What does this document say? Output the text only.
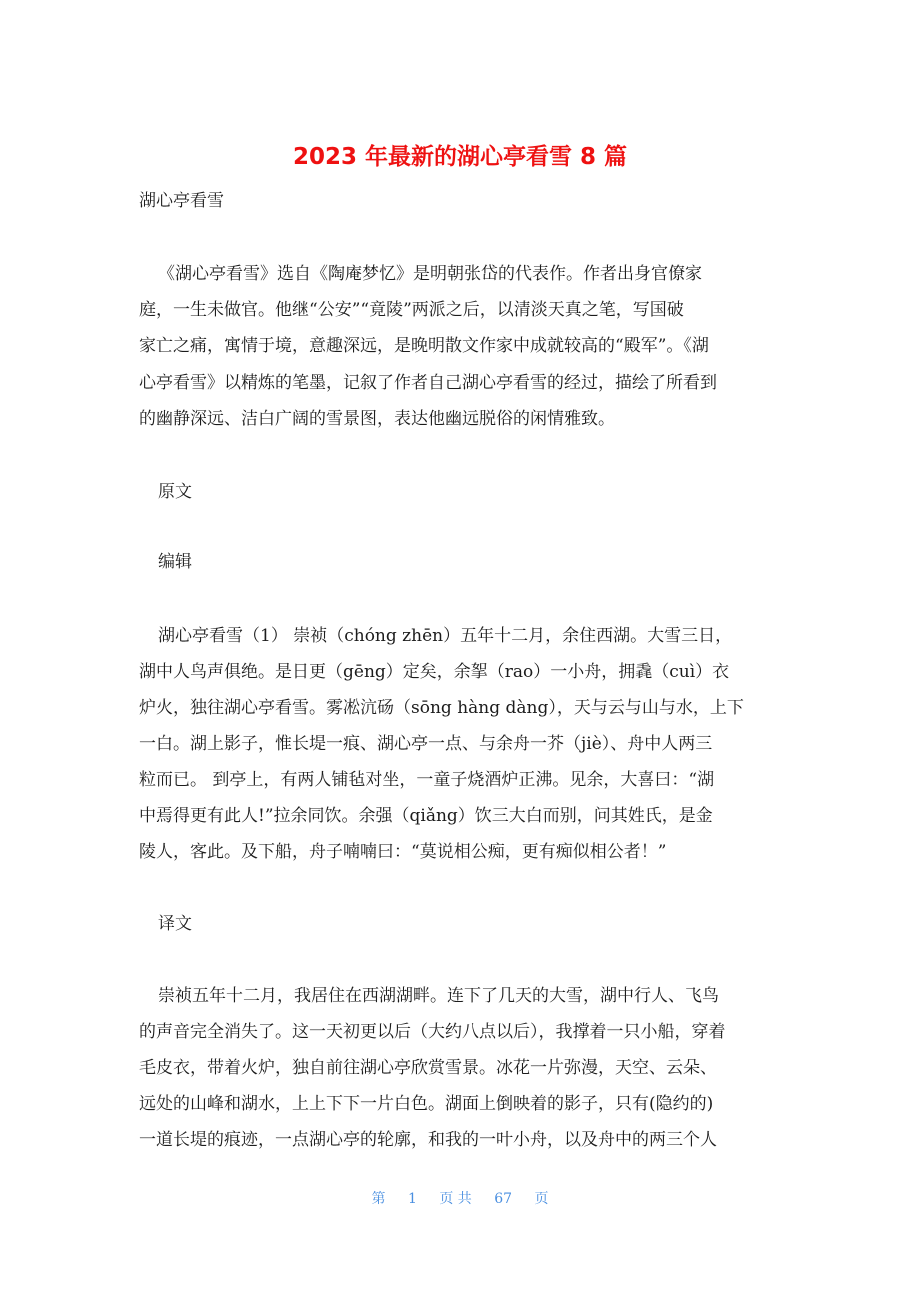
2023 年最新的湖心亭看雪 8 篇
湖心亭看雪
《湖心亭看雪》选自《陶庵梦忆》是明朝张岱的代表作。作者出身官僚家
庭，一生未做官。他继“公安”“竟陵”两派之后，以清淡天真之笔，写国破
家亡之痛，寓情于境，意趣深远，是晚明散文作家中成就较高的“殿军”。《湖
心亭看雪》以精炼的笔墨，记叙了作者自己湖心亭看雪的经过，描绘了所看到
的幽静深远、洁白广阔的雪景图，表达他幽远脱俗的闲情雅致。
原文
编辑
湖心亭看雪（1） 崇祯（chóng zhēn）五年十二月，余住西湖。大雪三日，
湖中人鸟声俱绝。是日更（gēng）定矣，余挐（rao）一小舟，拥毳（cuì）衣
炉火，独往湖心亭看雪。雾凇沆砀（sōng hàng dàng），天与云与山与水，上下
一白。湖上影子，惟长堤一痕、湖心亭一点、与余舟一芥（jiè）、舟中人两三
粒而已。 到亭上，有两人铺毡对坐，一童子烧酒炉正沸。见余，大喜曰：“湖
中焉得更有此人!”拉余同饮。余强（qiǎng）饮三大白而别，问其姓氏，是金
陵人，客此。及下船，舟子喃喃曰：“莫说相公痴，更有痴似相公者！”
译文
崇祯五年十二月，我居住在西湖湖畔。连下了几天的大雪，湖中行人、飞鸟
的声音完全消失了。这一天初更以后（大约八点以后），我撑着一只小船，穿着
毛皮衣，带着火炉，独自前往湖心亭欣赏雪景。冰花一片弥漫，天空、云朵、
远处的山峰和湖水，上上下下一片白色。湖面上倒映着的影子，只有(隐约的)
一道长堤的痕迹，一点湖心亭的轮廓，和我的一叶小舟，以及舟中的两三个人
第 1 页 共 67 页
